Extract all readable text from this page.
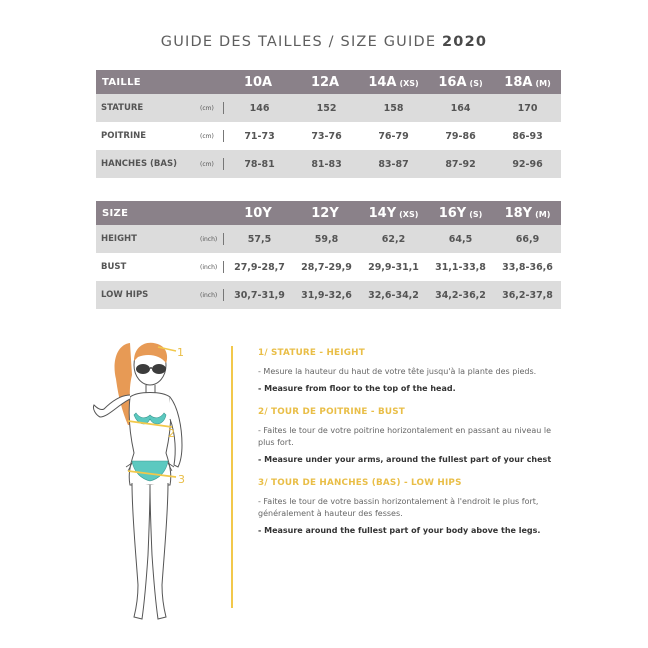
GUIDE DES TAILLES / SIZE GUIDE 2020
TAILLE		10A	12A	14A (XS)	16A (S)	18A (M)
STATURE	(cm)	146	152	158	164	170
POITRINE	(cm)	71-73	73-76	76-79	79-86	86-93
HANCHES (BAS)	(cm)	78-81	81-83	83-87	87-92	92-96
SIZE		10Y	12Y	14Y (XS)	16Y (S)	18Y (M)
HEIGHT	(inch)	57,5	59,8	62,2	64,5	66,9
BUST	(inch)	27,9-28,7	28,7-29,9	29,9-31,1	31,1-33,8	33,8-36,6
LOW HIPS	(inch)	30,7-31,9	31,9-32,6	32,6-34,2	34,2-36,2	36,2-37,8
1
2
3
1/ STATURE - HEIGHT

- Mesure la hauteur du haut de votre tête jusqu'à la plante des pieds.

- Measure from floor to the top of the head.

2/ TOUR DE POITRINE - BUST

- Faites le tour de votre poitrine horizontalement en passant au niveau le plus fort.

- Measure under your arms, around the fullest part of your chest

3/ TOUR DE HANCHES (BAS) - LOW HIPS

- Faites le tour de votre bassin horizontalement à l'endroit le plus fort, généralement à hauteur des fesses.

- Measure around the fullest part of your body above the legs.
